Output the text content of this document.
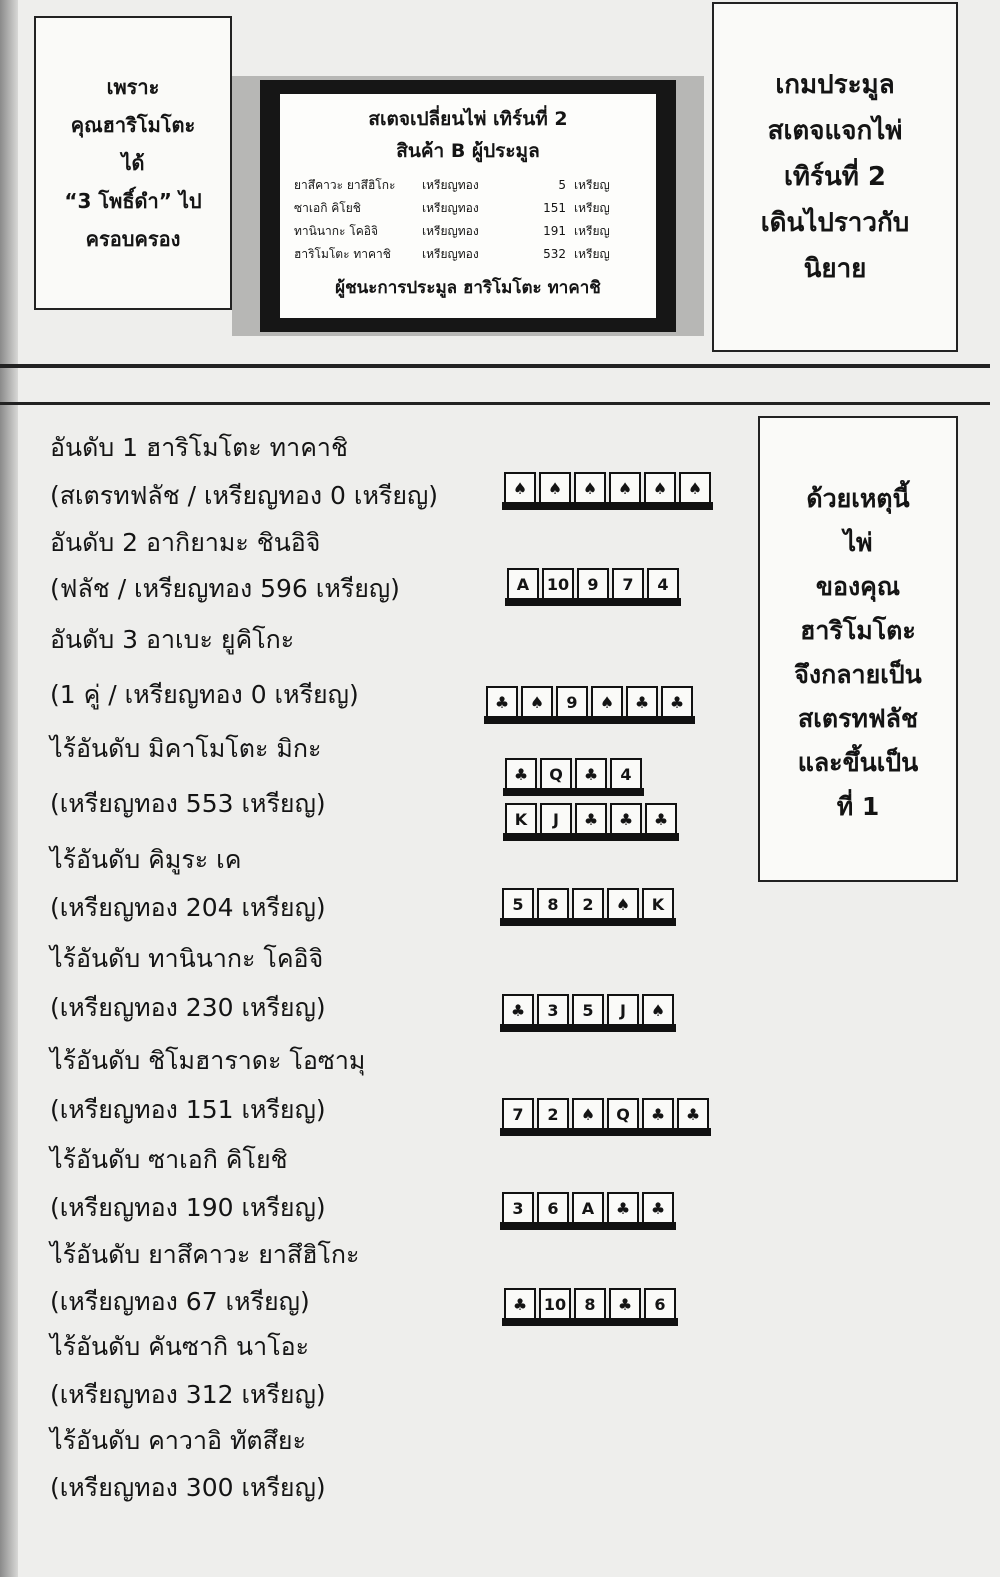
เพราะ
คุณฮาริโมโตะ
ได้
“3 โพธิ์ดำ” ไป
ครอบครอง
สเตจเปลี่ยนไพ่ เทิร์นที่ 2
สินค้า B ผู้ประมูล
ยาสึคาวะ ยาสึฮิโกะ	เหรียญทอง	5 เหรียญ
ซาเอกิ คิโยชิ	เหรียญทอง	151 เหรียญ
ทานินากะ โคอิจิ	เหรียญทอง	191 เหรียญ
ฮาริโมโตะ ทาคาชิ	เหรียญทอง	532 เหรียญ
ผู้ชนะการประมูล ฮาริโมโตะ ทาคาชิ
เกมประมูล
สเตจแจกไพ่
เทิร์นที่ 2
เดินไปราวกับ
นิยาย
อันดับ 1 ฮาริโมโตะ ทาคาชิ
(สเตรทฟลัช / เหรียญทอง 0 เหรียญ)
อันดับ 2 อากิยามะ ชินอิจิ
(ฟลัช / เหรียญทอง 596 เหรียญ)
อันดับ 3 อาเบะ ยูคิโกะ
(1 คู่ / เหรียญทอง 0 เหรียญ)
ไร้อันดับ มิคาโมโตะ มิกะ
(เหรียญทอง 553 เหรียญ)
ไร้อันดับ คิมูระ เค
(เหรียญทอง 204 เหรียญ)
ไร้อันดับ ทานินากะ โคอิจิ
(เหรียญทอง 230 เหรียญ)
ไร้อันดับ ชิโมฮาราดะ โอซามุ
(เหรียญทอง 151 เหรียญ)
ไร้อันดับ ซาเอกิ คิโยชิ
(เหรียญทอง 190 เหรียญ)
ไร้อันดับ ยาสึคาวะ ยาสึฮิโกะ
(เหรียญทอง 67 เหรียญ)
ไร้อันดับ คันซากิ นาโอะ
(เหรียญทอง 312 เหรียญ)
ไร้อันดับ คาวาอิ ทัตสึยะ
(เหรียญทอง 300 เหรียญ)
♠	♠	♠	♠	♠	♠
A	10	9	7	4
♣	♠	9	♠	♣	♣
♣	Q	♣	4
K	J	♣	♣	♣
5	8	2	♠	K
♣	3	5	J	♠
7	2	♠	Q	♣	♣
3	6	A	♣	♣
♣	10	8	♣	6
ด้วยเหตุนี้
ไพ่
ของคุณ
ฮาริโมโตะ
จึงกลายเป็น
สเตรทฟลัช
และขึ้นเป็น
ที่ 1
